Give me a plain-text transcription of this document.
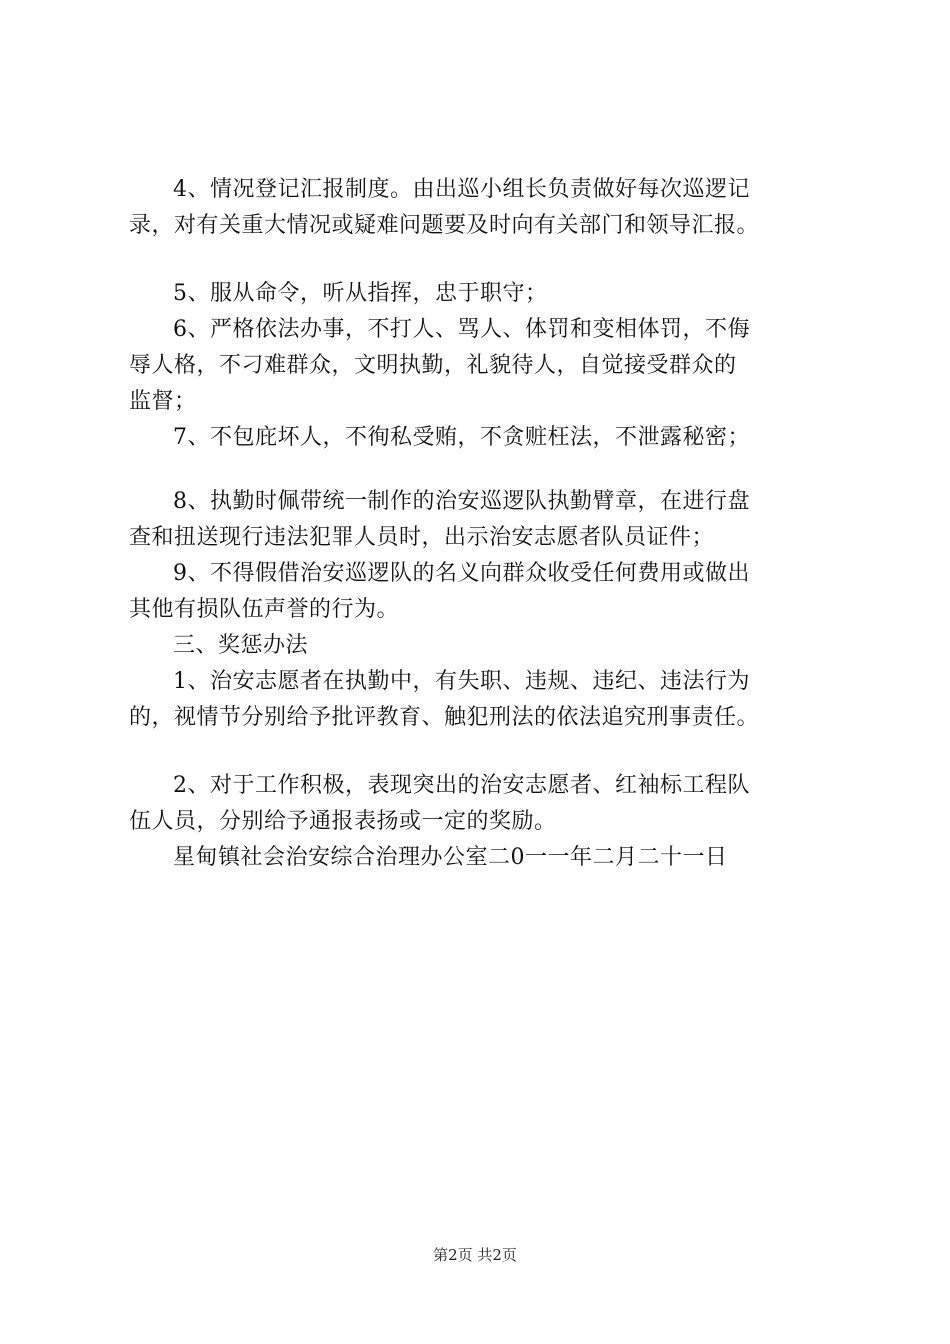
4、情况登记汇报制度。由出巡小组长负责做好每次巡逻记
录，对有关重大情况或疑难问题要及时向有关部门和领导汇报。
5、服从命令，听从指挥，忠于职守；
6、严格依法办事，不打人、骂人、体罚和变相体罚，不侮
辱人格，不刁难群众，文明执勤，礼貌待人，自觉接受群众的
监督；
7、不包庇坏人，不徇私受贿，不贪赃枉法，不泄露秘密；
8、执勤时佩带统一制作的治安巡逻队执勤臂章，在进行盘
查和扭送现行违法犯罪人员时，出示治安志愿者队员证件；
9、不得假借治安巡逻队的名义向群众收受任何费用或做出
其他有损队伍声誉的行为。
三、奖惩办法
1、治安志愿者在执勤中，有失职、违规、违纪、违法行为
的，视情节分别给予批评教育、触犯刑法的依法追究刑事责任。
2、对于工作积极，表现突出的治安志愿者、红袖标工程队
伍人员，分别给予通报表扬或一定的奖励。
星甸镇社会治安综合治理办公室二0一一年二月二十一日
第2页 共2页
